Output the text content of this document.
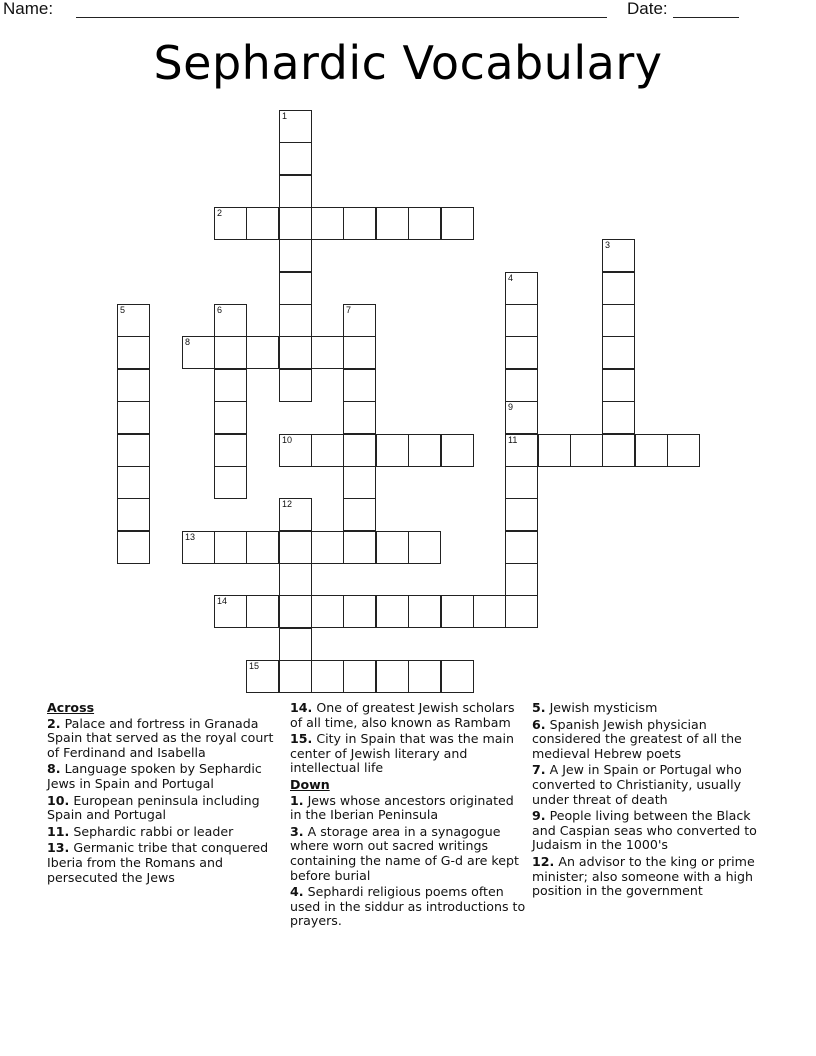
Name:	Date:
Sephardic Vocabulary
1
2
3
4
9
11
5	6	7
8
10
12
13
14
15
Across
2. Palace and fortress in Granada Spain that served as the royal court of Ferdinand and Isabella
8. Language spoken by Sephardic Jews in Spain and Portugal
10. European peninsula including Spain and Portugal
11. Sephardic rabbi or leader
13. Germanic tribe that conquered Iberia from the Romans and persecuted the Jews
14. One of greatest Jewish scholars of all time, also known as Rambam
15. City in Spain that was the main center of Jewish literary and intellectual life
Down
1. Jews whose ancestors originated in the Iberian Peninsula
3. A storage area in a synagogue where worn out sacred writings containing the name of G-d are kept before burial
4. Sephardi religious poems often used in the siddur as introductions to prayers.
5. Jewish mysticism
6. Spanish Jewish physician considered the greatest of all the medieval Hebrew poets
7. A Jew in Spain or Portugal who converted to Christianity, usually under threat of death
9. People living between the Black and Caspian seas who converted to Judaism in the 1000's
12. An advisor to the king or prime minister; also someone with a high position in the government
